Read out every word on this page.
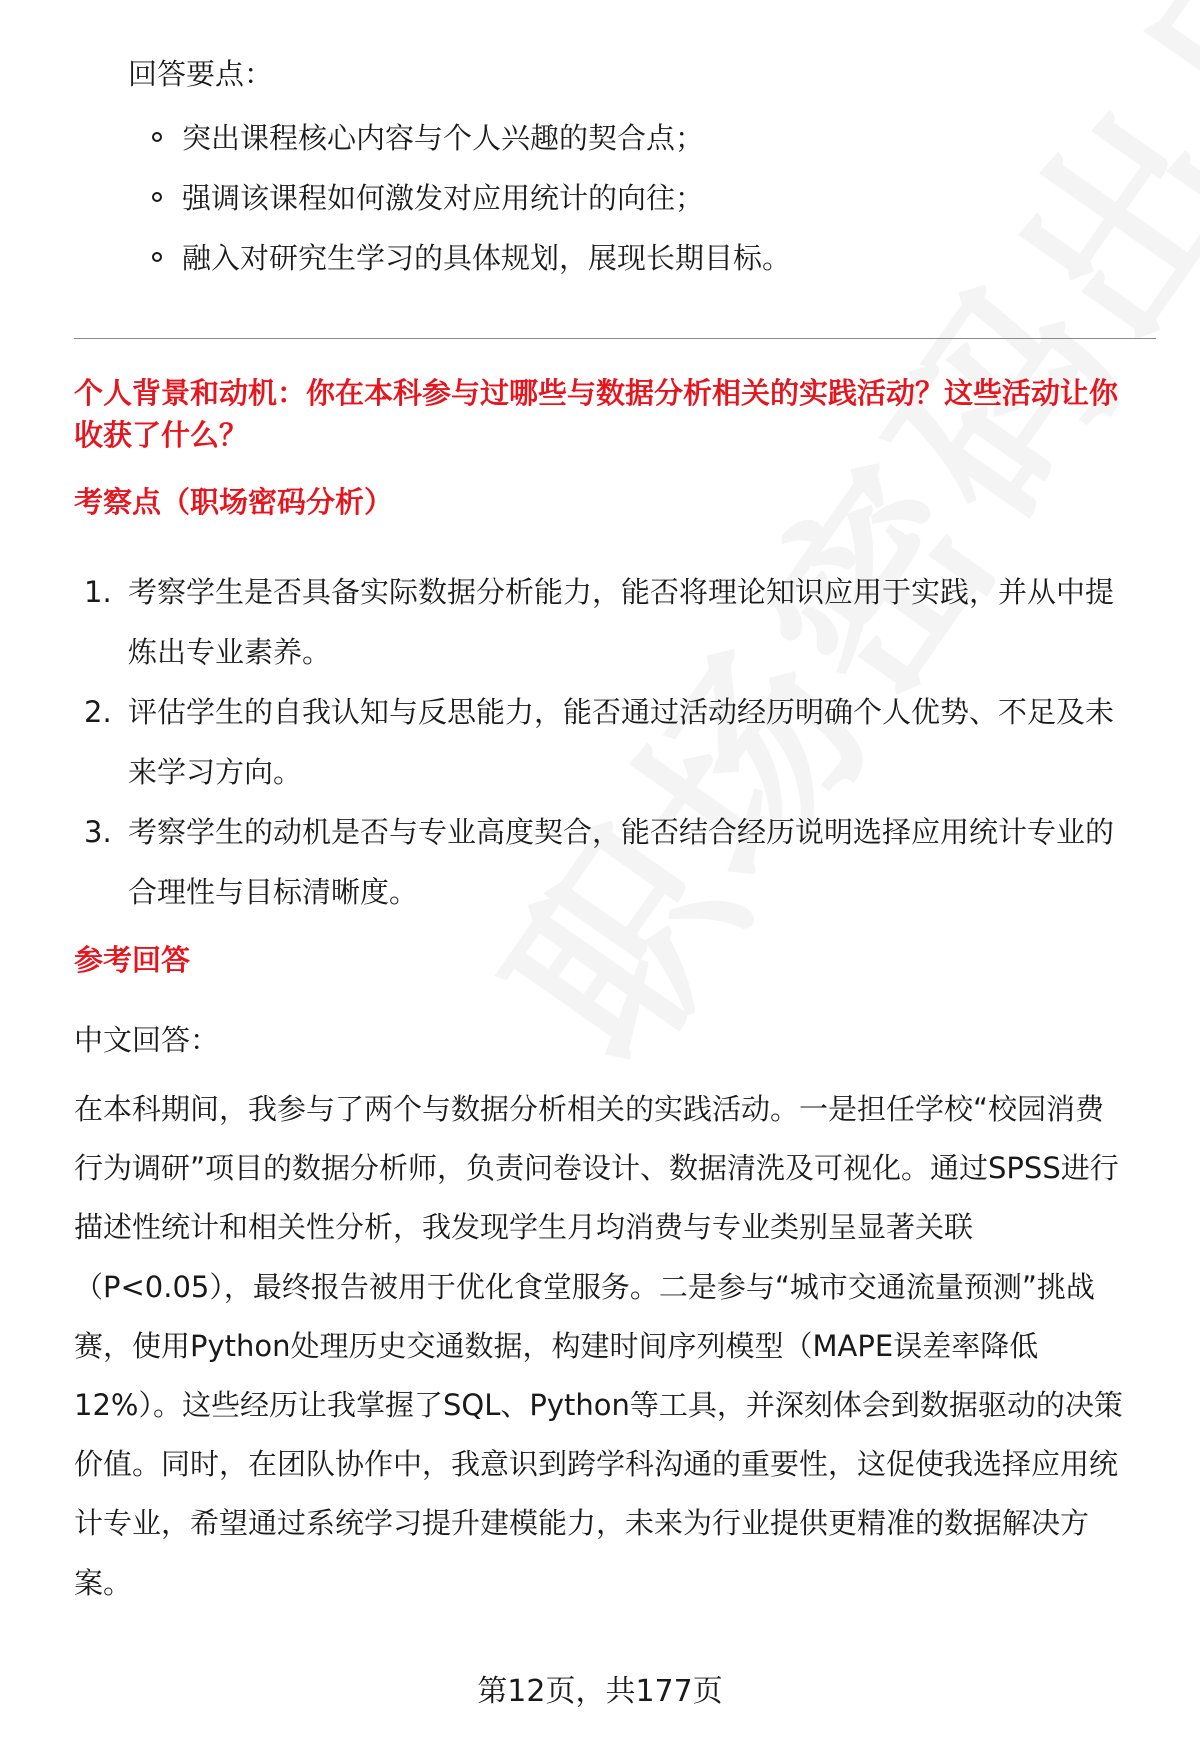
回答要点：
突出课程核心内容与个人兴趣的契合点；
强调该课程如何激发对应用统计的向往；
融入对研究生学习的具体规划，展现长期目标。
个人背景和动机：你在本科参与过哪些与数据分析相关的实践活动？这些活动让你
收获了什么？
考察点（职场密码分析）
1. 考察学生是否具备实际数据分析能力，能否将理论知识应用于实践，并从中提
炼出专业素养。
2. 评估学生的自我认知与反思能力，能否通过活动经历明确个人优势、不足及未
来学习方向。
3. 考察学生的动机是否与专业高度契合，能否结合经历说明选择应用统计专业的
合理性与目标清晰度。
参考回答
中文回答：
在本科期间，我参与了两个与数据分析相关的实践活动。一是担任学校“校园消费
行为调研”项目的数据分析师，负责问卷设计、数据清洗及可视化。通过SPSS进行
描述性统计和相关性分析，我发现学生月均消费与专业类别呈显著关联
（P<0.05），最终报告被用于优化食堂服务。二是参与“城市交通流量预测”挑战
赛，使用Python处理历史交通数据，构建时间序列模型（MAPE误差率降低
12%）。这些经历让我掌握了SQL、Python等工具，并深刻体会到数据驱动的决策
价值。同时，在团队协作中，我意识到跨学科沟通的重要性，这促使我选择应用统
计专业，希望通过系统学习提升建模能力，未来为行业提供更精准的数据解决方
案。
第12页，共177页
